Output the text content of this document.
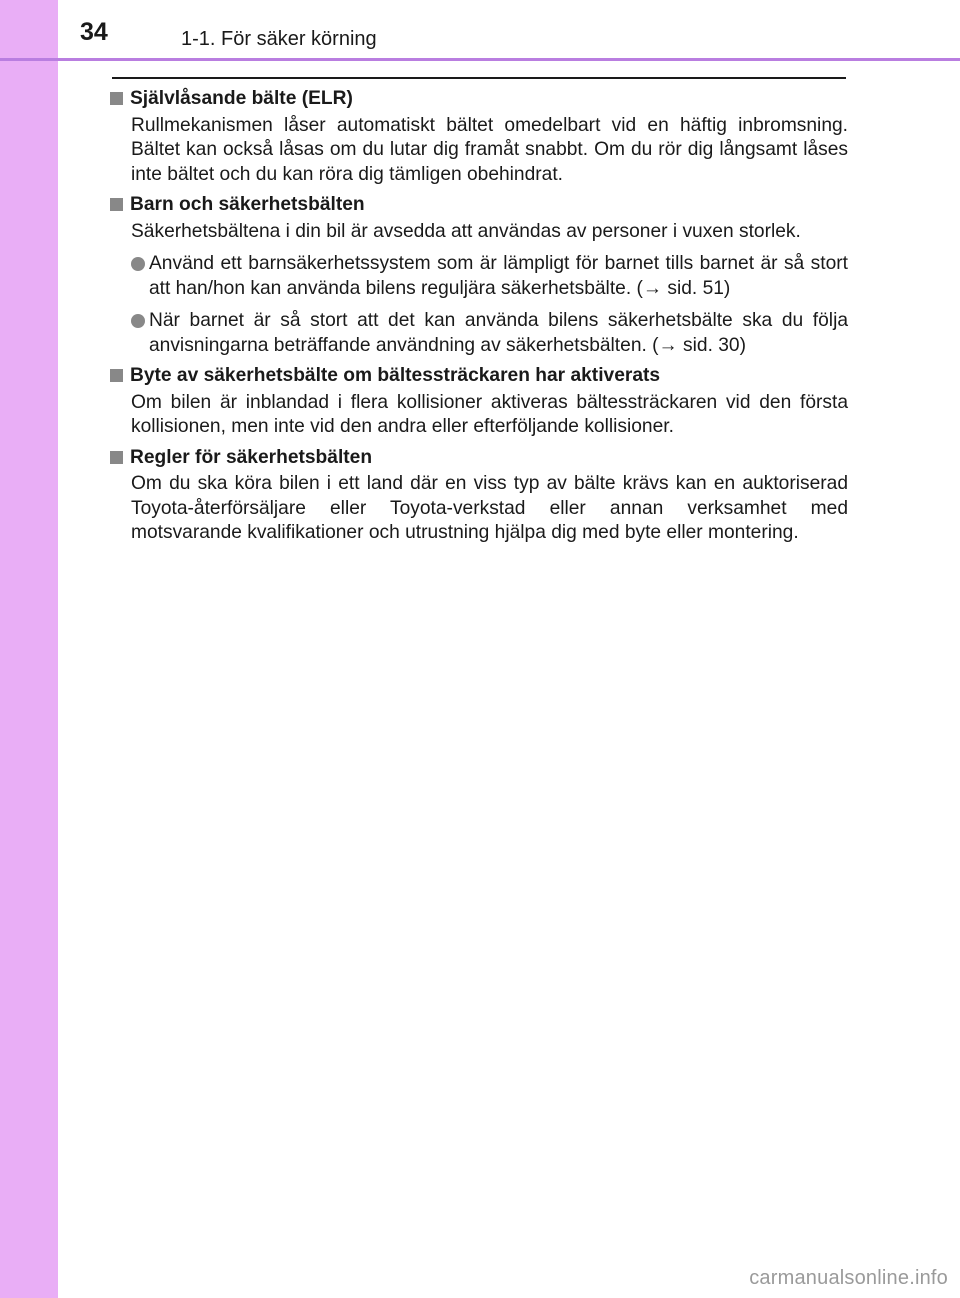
34	1-1. För säker körning
Självlåsande bälte (ELR)

Rullmekanismen låser automatiskt bältet omedelbart vid en häftig inbromsning. Bältet kan också låsas om du lutar dig framåt snabbt. Om du rör dig långsamt låses inte bältet och du kan röra dig tämligen obehindrat.

Barn och säkerhetsbälten

Säkerhetsbältena i din bil är avsedda att användas av personer i vuxen storlek.

Använd ett barnsäkerhetssystem som är lämpligt för barnet tills barnet är så stort att han/hon kan använda bilens reguljära säkerhetsbälte. (→ sid. 51)
När barnet är så stort att det kan använda bilens säkerhetsbälte ska du följa anvisningarna beträffande användning av säkerhetsbälten. (→ sid. 30)
Byte av säkerhetsbälte om bältessträckaren har aktiverats

Om bilen är inblandad i flera kollisioner aktiveras bältessträckaren vid den första kollisionen, men inte vid den andra eller efterföljande kollisioner.

Regler för säkerhetsbälten

Om du ska köra bilen i ett land där en viss typ av bälte krävs kan en auktoriserad Toyota-återförsäljare eller Toyota-verkstad eller annan verksamhet med motsvarande kvalifikationer och utrustning hjälpa dig med byte eller montering.

carmanualsonline.info
